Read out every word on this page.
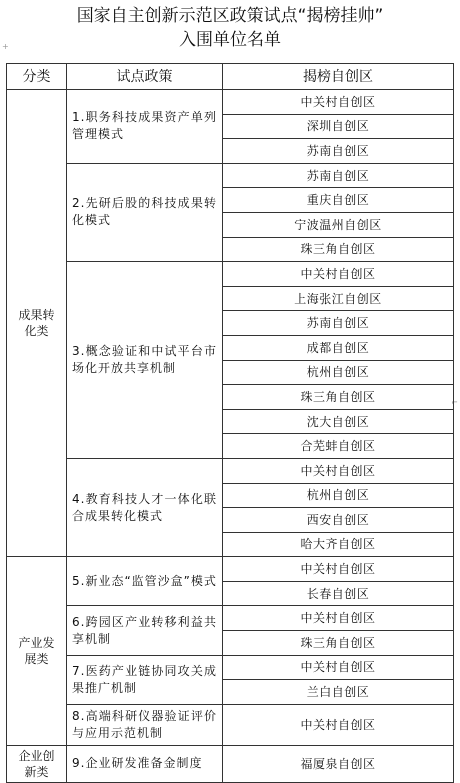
国家自主创新示范区政策试点“揭榜挂帅”
入围单位名单
+
⌐
分类	试点政策	揭榜自创区
成果转化类	1.职务科技成果资产单列管理模式	中关村自创区
		深圳自创区
		苏南自创区
	2.先研后股的科技成果转化模式	苏南自创区
		重庆自创区
		宁波温州自创区
		珠三角自创区
	3.概念验证和中试平台市场化开放共享机制	中关村自创区
		上海张江自创区
		苏南自创区
		成都自创区
		杭州自创区
		珠三角自创区
		沈大自创区
		合芜蚌自创区
	4.教育科技人才一体化联合成果转化模式	中关村自创区
		杭州自创区
		西安自创区
		哈大齐自创区
产业发展类	5.新业态“监管沙盒”模式	中关村自创区
		长春自创区
	6.跨园区产业转移利益共享机制	中关村自创区
		珠三角自创区
	7.医药产业链协同攻关成果推广机制	中关村自创区
		兰白自创区
	8.高端科研仪器验证评价与应用示范机制	中关村自创区
企业创新类	9.企业研发准备金制度	福厦泉自创区
